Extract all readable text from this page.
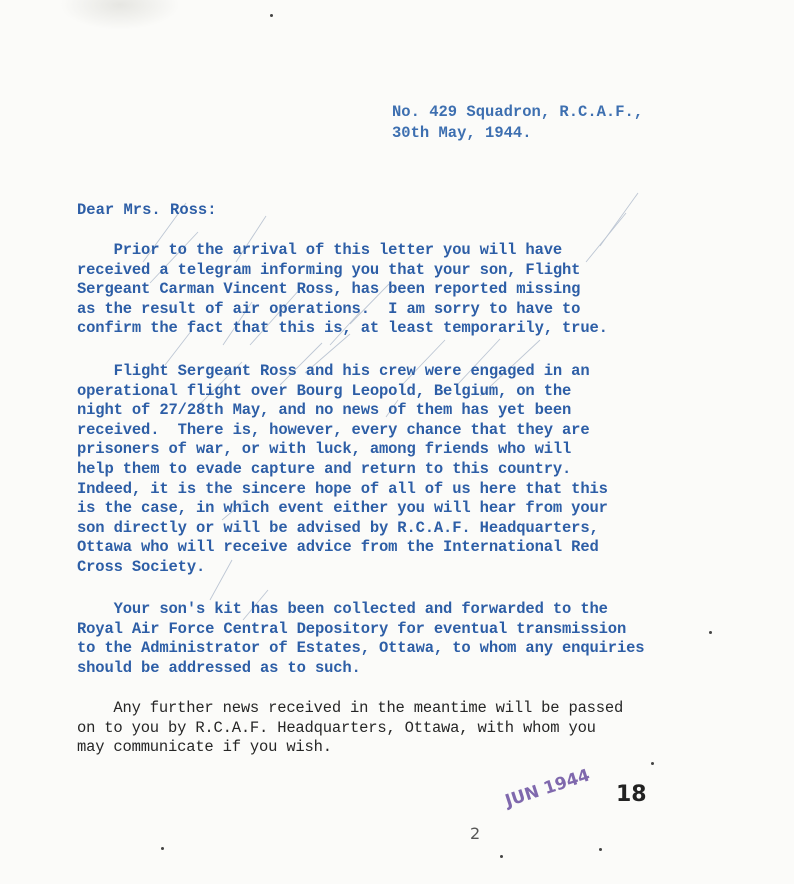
No. 429 Squadron, R.C.A.F.,
30th May, 1944.
Dear Mrs. Ross:
Prior to the arrival of this letter you will have
received a telegram informing you that your son, Flight
Sergeant Carman Vincent Ross, has been reported missing
as the result of air operations.  I am sorry to have to
confirm the fact that this is, at least temporarily, true.
Flight Sergeant Ross and his crew were engaged in an
operational flight over Bourg Leopold, Belgium, on the
night of 27/28th May, and no news of them has yet been
received.  There is, however, every chance that they are
prisoners of war, or with luck, among friends who will
help them to evade capture and return to this country.
Indeed, it is the sincere hope of all of us here that this
is the case, in which event either you will hear from your
son directly or will be advised by R.C.A.F. Headquarters,
Ottawa who will receive advice from the International Red
Cross Society.
Your son's kit has been collected and forwarded to the
Royal Air Force Central Depository for eventual transmission
to the Administrator of Estates, Ottawa, to whom any enquiries
should be addressed as to such.
Any further news received in the meantime will be passed
on to you by R.C.A.F. Headquarters, Ottawa, with whom you
may communicate if you wish.
2
JUN 1944 18
